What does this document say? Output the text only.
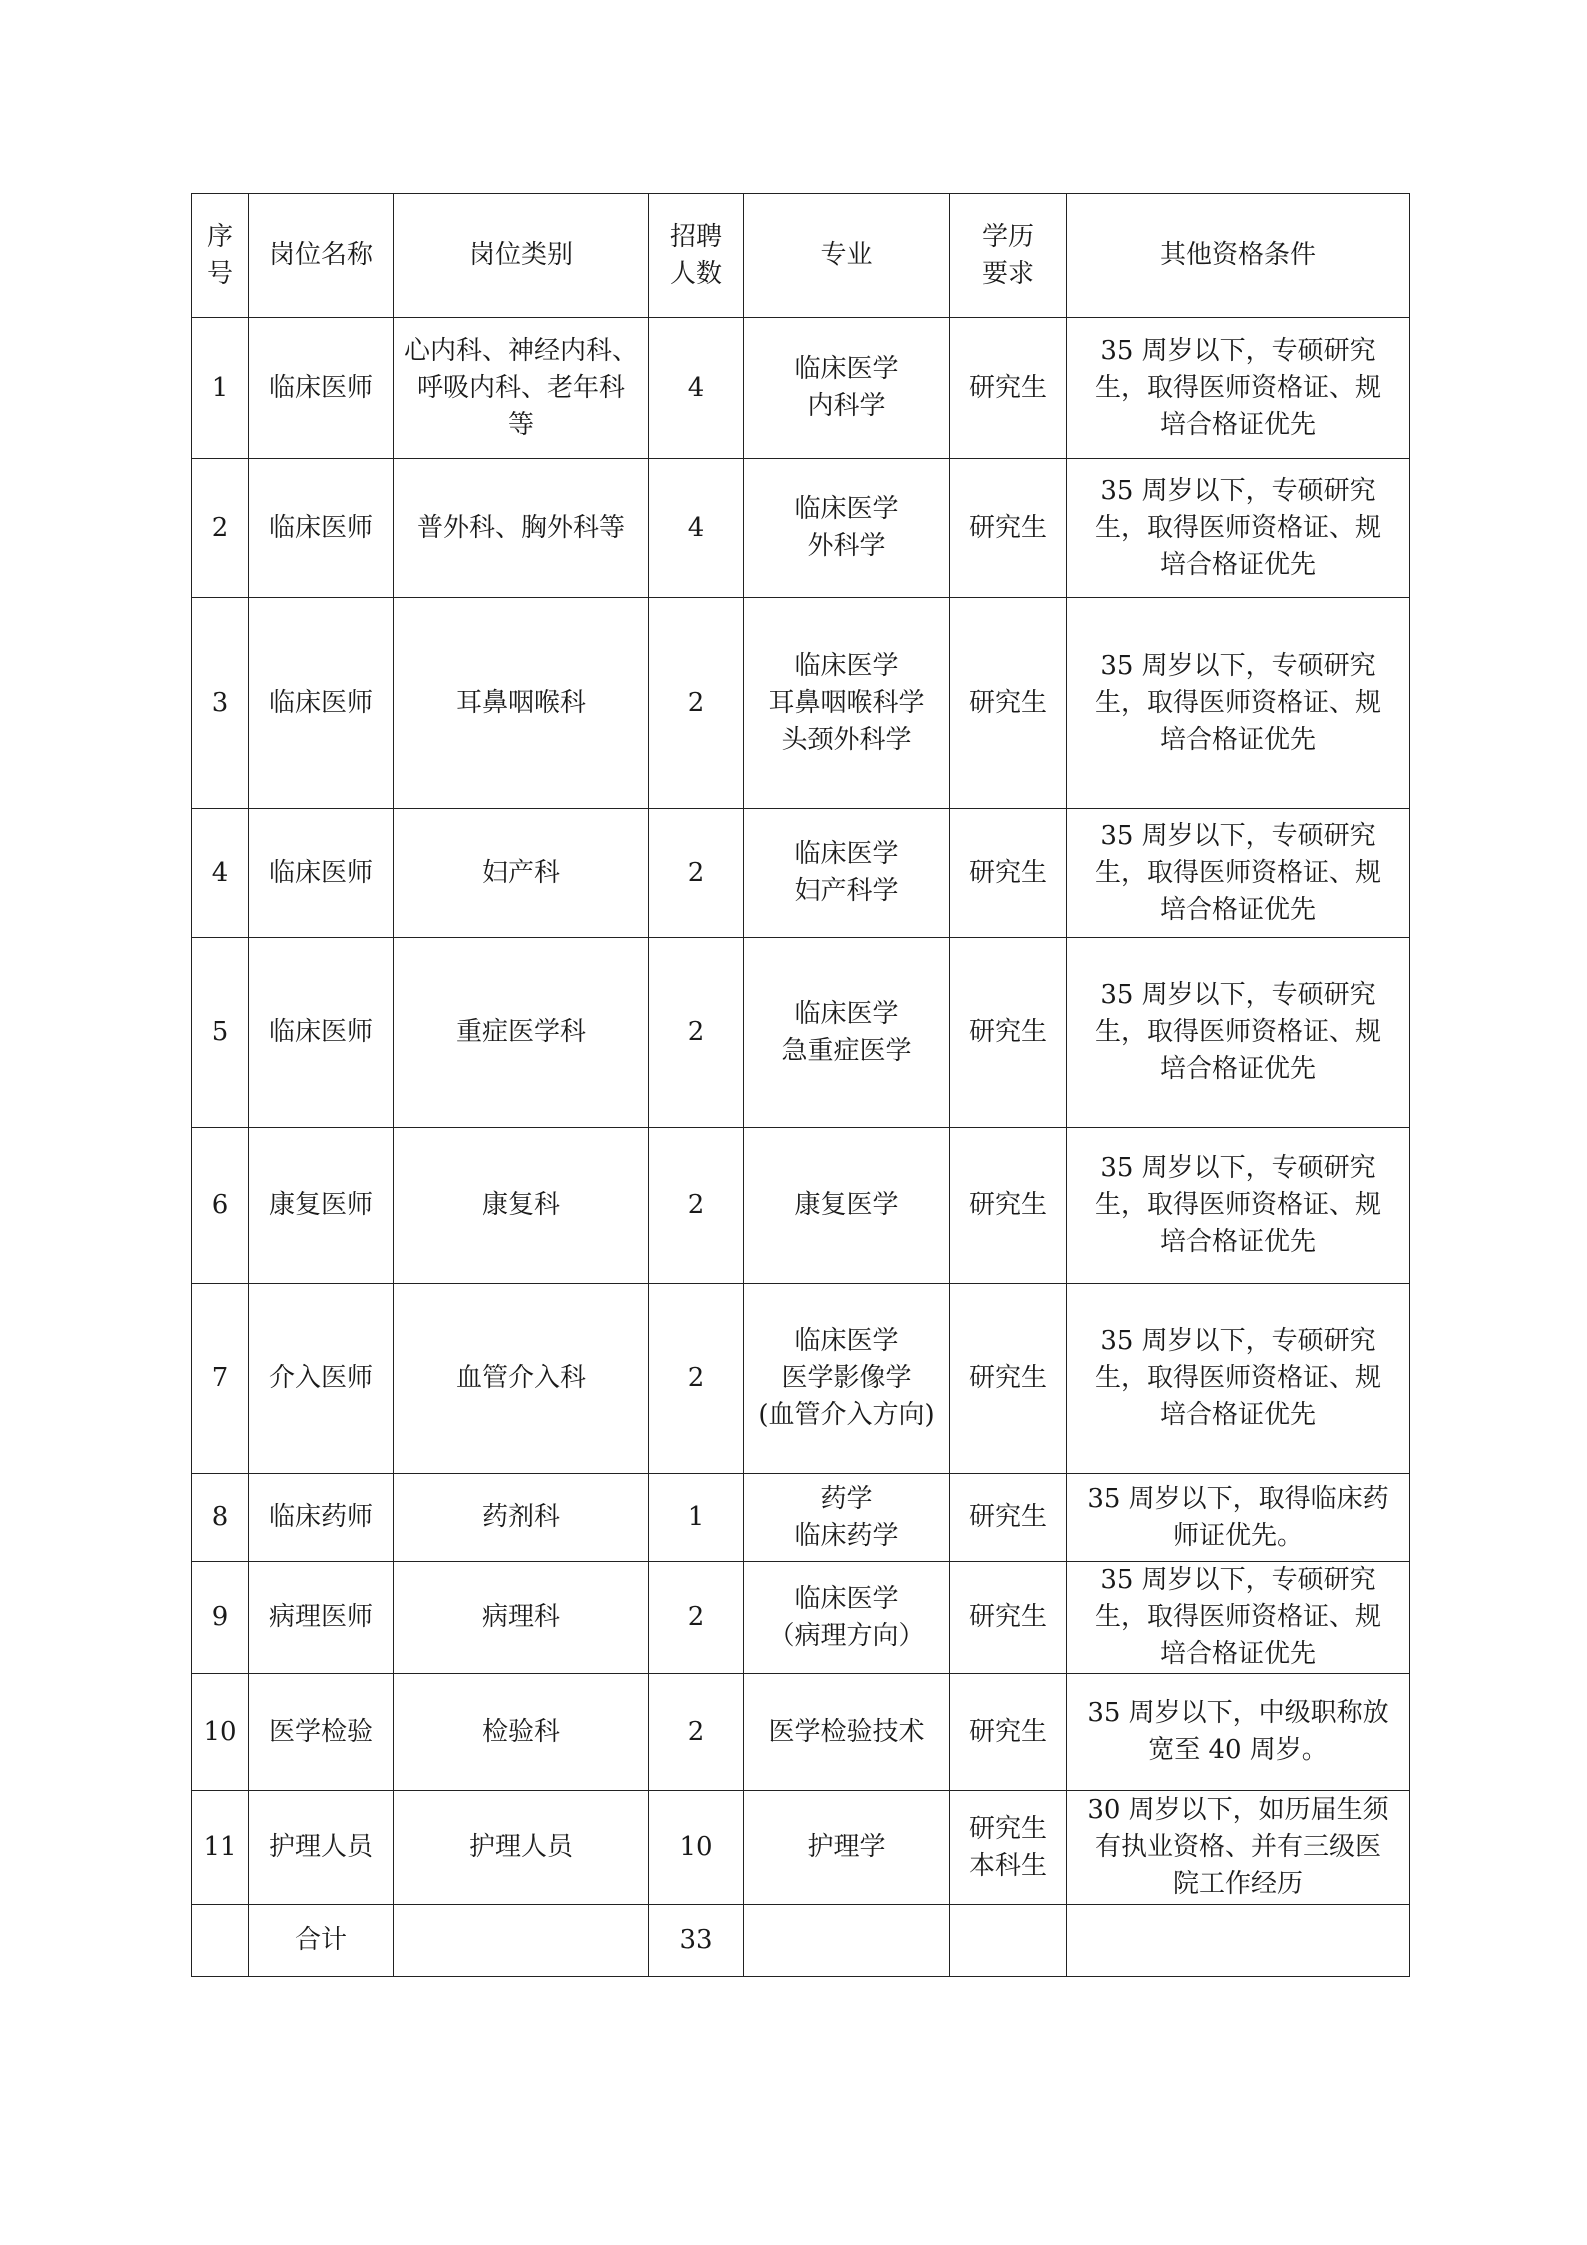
序
号	岗位名称	岗位类别	招聘
人数	专业	学历
要求	其他资格条件
1	临床医师	心内科、神经内科、
呼吸内科、老年科
等	4	临床医学
内科学	研究生	35 周岁以下，专硕研究
生，取得医师资格证、规
培合格证优先
2	临床医师	普外科、胸外科等	4	临床医学
外科学	研究生	35 周岁以下，专硕研究
生，取得医师资格证、规
培合格证优先
3	临床医师	耳鼻咽喉科	2	临床医学
耳鼻咽喉科学
头颈外科学	研究生	35 周岁以下，专硕研究
生，取得医师资格证、规
培合格证优先
4	临床医师	妇产科	2	临床医学
妇产科学	研究生	35 周岁以下，专硕研究
生，取得医师资格证、规
培合格证优先
5	临床医师	重症医学科	2	临床医学
急重症医学	研究生	35 周岁以下，专硕研究
生，取得医师资格证、规
培合格证优先
6	康复医师	康复科	2	康复医学	研究生	35 周岁以下，专硕研究
生，取得医师资格证、规
培合格证优先
7	介入医师	血管介入科	2	临床医学
医学影像学
(血管介入方向)	研究生	35 周岁以下，专硕研究
生，取得医师资格证、规
培合格证优先
8	临床药师	药剂科	1	药学
临床药学	研究生	35 周岁以下，取得临床药
师证优先。
9	病理医师	病理科	2	临床医学
（病理方向）	研究生	35 周岁以下，专硕研究
生，取得医师资格证、规
培合格证优先
10	医学检验	检验科	2	医学检验技术	研究生	35 周岁以下，中级职称放
宽至 40 周岁。
11	护理人员	护理人员	10	护理学	研究生
本科生	30 周岁以下，如历届生须
有执业资格、并有三级医
院工作经历
	合计		33			
